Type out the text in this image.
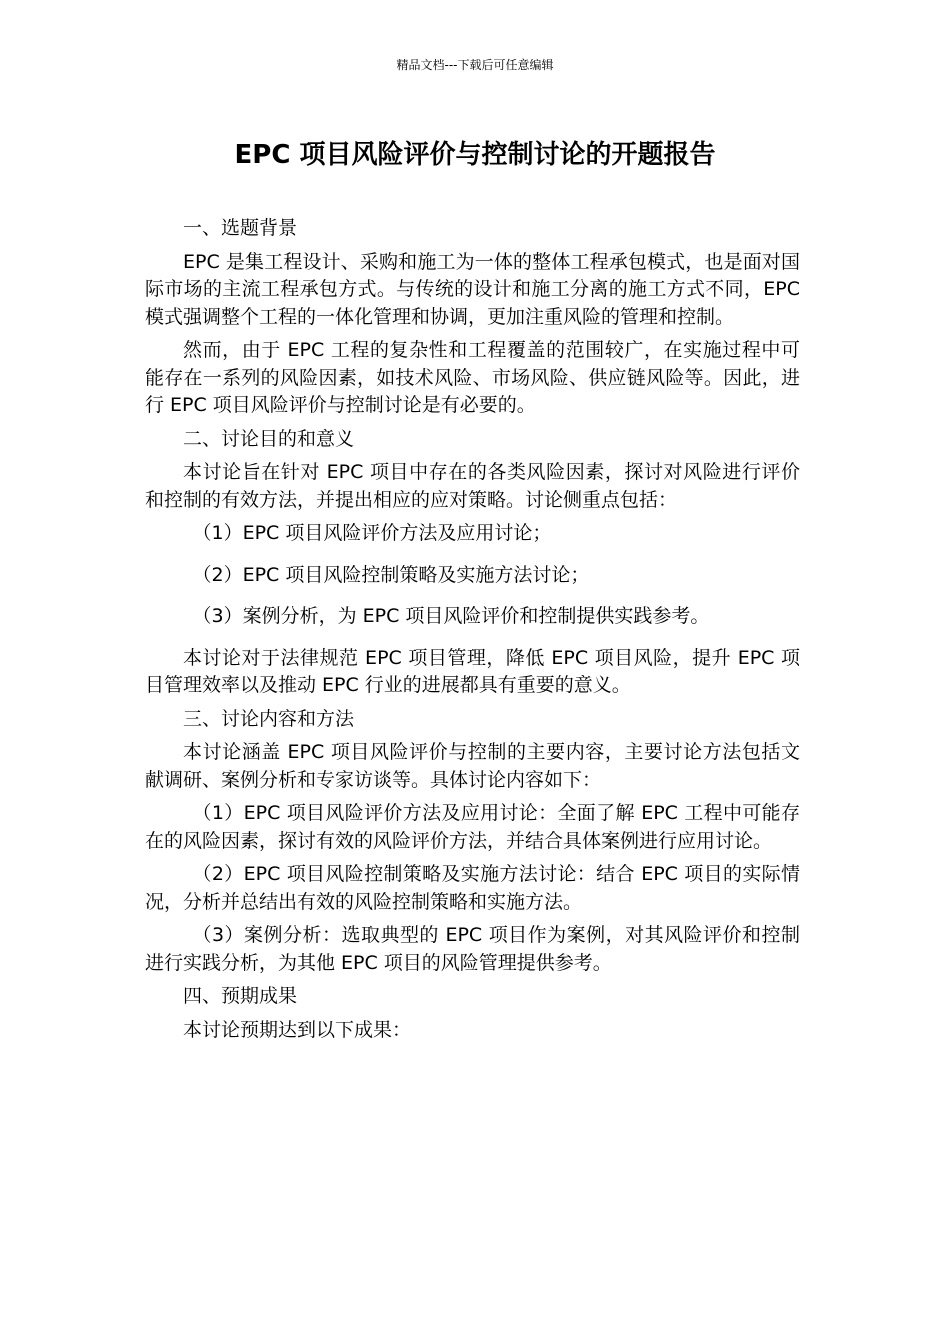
精品文档---下载后可任意编辑
EPC 项目风险评价与控制讨论的开题报告

一、选题背景

EPC 是集工程设计、采购和施工为一体的整体工程承包模式，也是面对国际市场的主流工程承包方式。与传统的设计和施工分离的施工方式不同，EPC 模式强调整个工程的一体化管理和协调，更加注重风险的管理和控制。

然而，由于 EPC 工程的复杂性和工程覆盖的范围较广，在实施过程中可能存在一系列的风险因素，如技术风险、市场风险、供应链风险等。因此，进行 EPC 项目风险评价与控制讨论是有必要的。

二、讨论目的和意义

本讨论旨在针对 EPC 项目中存在的各类风险因素，探讨对风险进行评价和控制的有效方法，并提出相应的应对策略。讨论侧重点包括：

（1）EPC 项目风险评价方法及应用讨论；

（2）EPC 项目风险控制策略及实施方法讨论；

（3）案例分析，为 EPC 项目风险评价和控制提供实践参考。

本讨论对于法律规范 EPC 项目管理，降低 EPC 项目风险，提升 EPC 项目管理效率以及推动 EPC 行业的进展都具有重要的意义。

三、讨论内容和方法

本讨论涵盖 EPC 项目风险评价与控制的主要内容，主要讨论方法包括文献调研、案例分析和专家访谈等。具体讨论内容如下：

（1）EPC 项目风险评价方法及应用讨论：全面了解 EPC 工程中可能存在的风险因素，探讨有效的风险评价方法，并结合具体案例进行应用讨论。

（2）EPC 项目风险控制策略及实施方法讨论：结合 EPC 项目的实际情况，分析并总结出有效的风险控制策略和实施方法。

（3）案例分析：选取典型的 EPC 项目作为案例，对其风险评价和控制进行实践分析，为其他 EPC 项目的风险管理提供参考。

四、预期成果

本讨论预期达到以下成果：
